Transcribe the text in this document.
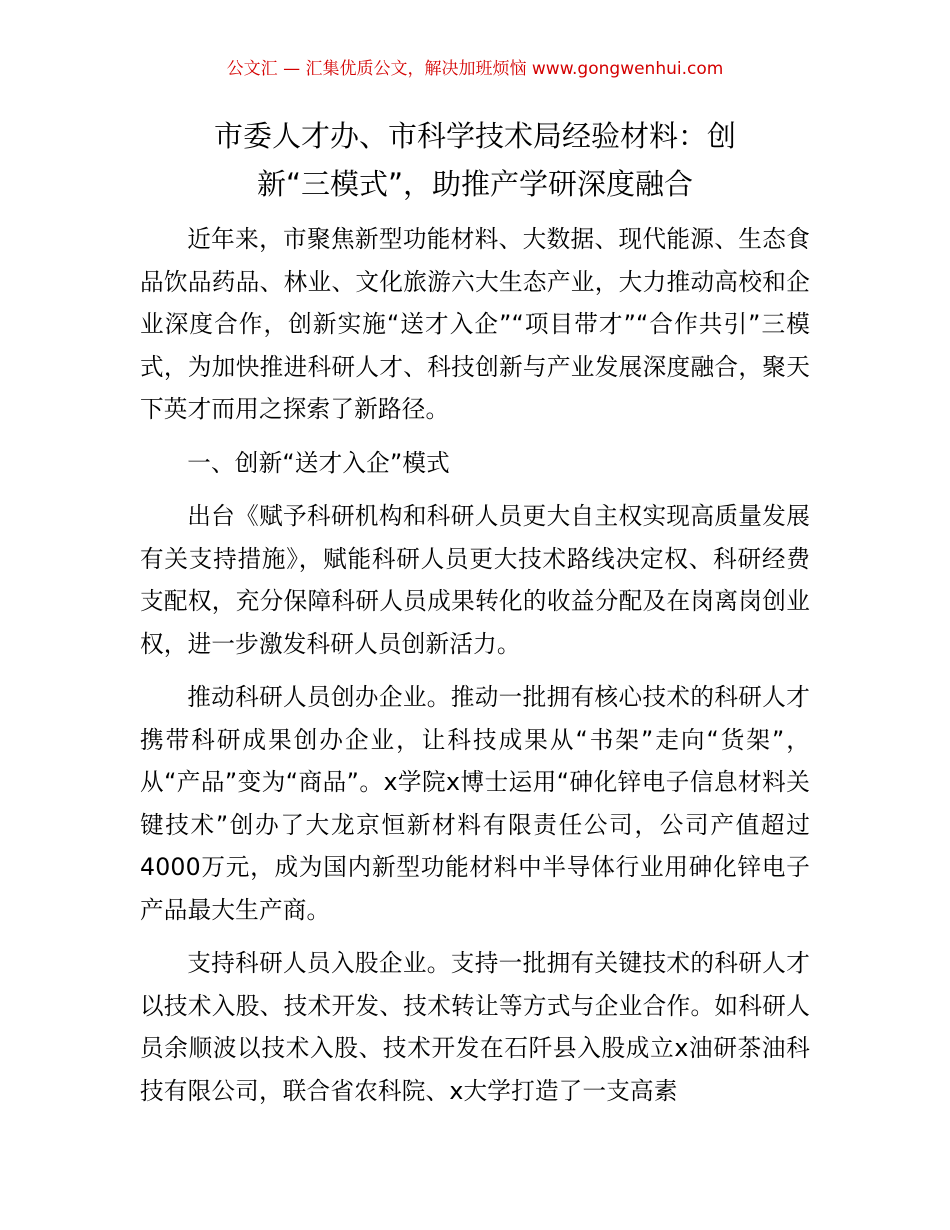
公文汇 — 汇集优质公文，解决加班烦恼 www.gongwenhui.com
市委人才办、市科学技术局经验材料：创
新“三模式”，助推产学研深度融合

近年来，市聚焦新型功能材料、大数据、现代能源、生态食品饮品药品、林业、文化旅游六大生态产业，大力推动高校和企业深度合作，创新实施“送才入企”“项目带才”“合作共引”三模式，为加快推进科研人才、科技创新与产业发展深度融合，聚天下英才而用之探索了新路径。

一、创新“送才入企”模式

出台《赋予科研机构和科研人员更大自主权实现高质量发展有关支持措施》，赋能科研人员更大技术路线决定权、科研经费支配权，充分保障科研人员成果转化的收益分配及在岗离岗创业权，进一步激发科研人员创新活力。

推动科研人员创办企业。推动一批拥有核心技术的科研人才携带科研成果创办企业，让科技成果从“书架”走向“货架”，从“产品”变为“商品”。x学院x博士运用“砷化锌电子信息材料关键技术”创办了大龙京恒新材料有限责任公司，公司产值超过4000万元，成为国内新型功能材料中半导体行业用砷化锌电子产品最大生产商。

支持科研人员入股企业。支持一批拥有关键技术的科研人才以技术入股、技术开发、技术转让等方式与企业合作。如科研人员余顺波以技术入股、技术开发在石阡县入股成立x油研茶油科技有限公司，联合省农科院、x大学打造了一支高素
